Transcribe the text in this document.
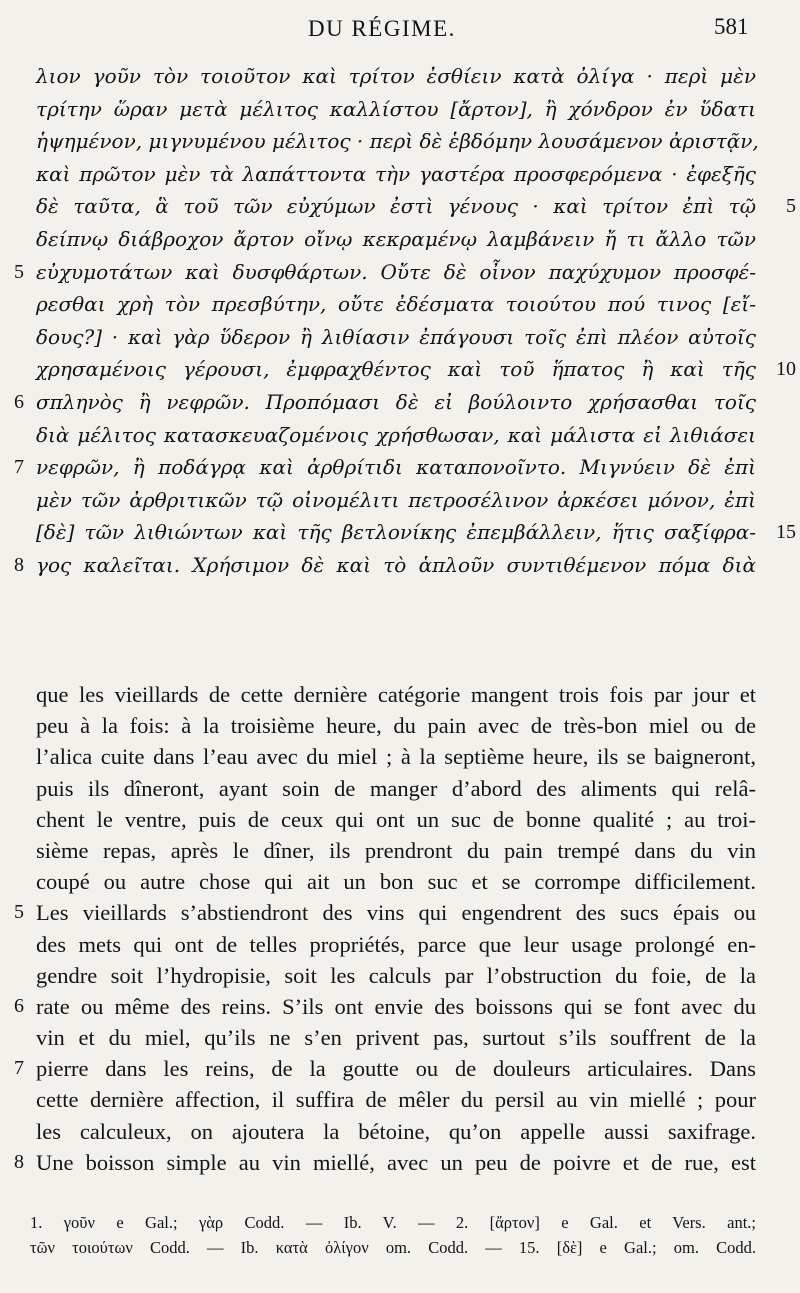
DU RÉGIME.	581
λιον γοῦν τὸν τοιοῦτον καὶ τρίτον ἐσθίειν κατὰ ὀλίγα · περὶ μὲν
τρίτην ὥραν μετὰ μέλιτος καλλίστου [ἄρτον], ἢ χόνδρον ἐν ὕδατι
ἡψημένον, μιγνυμένου μέλιτος · περὶ δὲ ἑβδόμην λουσάμενον ἀριστᾷν,
καὶ πρῶτον μὲν τὰ λαπάττοντα τὴν γαστέρα προσφερόμενα · ἐφεξῆς
δὲ ταῦτα, ἃ τοῦ τῶν εὐχύμων ἐστὶ γένους · καὶ τρίτον ἐπὶ τῷ 5
δείπνῳ διάβροχον ἄρτον οἴνῳ κεκραμένῳ λαμβάνειν ἤ τι ἄλλο τῶν
εὐχυμοτάτων καὶ δυσφθάρτων. Οὔτε δὲ οἶνον παχύχυμον προσφέ-
5
ρεσθαι χρὴ τὸν πρεσβύτην, οὔτε ἐδέσματα τοιούτου πού τινος [εἴ-
δους?] · καὶ γὰρ ὕδερον ἢ λιθίασιν ἐπάγουσι τοῖς ἐπὶ πλέον αὐτοῖς
χρησαμένοις γέρουσι, ἐμφραχθέντος καὶ τοῦ ἥπατος ἢ καὶ τῆς 10
σπληνὸς ἢ νεφρῶν. Προπόμασι δὲ εἰ βούλοιντο χρήσασθαι τοῖς
6
διὰ μέλιτος κατασκευαζομένοις χρήσθωσαν, καὶ μάλιστα εἰ λιθιάσει
νεφρῶν, ἢ ποδάγρᾳ καὶ ἀρθρίτιδι καταπονοῖντο. Μιγνύειν δὲ ἐπὶ
7
μὲν τῶν ἀρθριτικῶν τῷ οἰνομέλιτι πετροσέλινον ἀρκέσει μόνον, ἐπὶ
[δὲ] τῶν λιθιώντων καὶ τῆς βετλονίκης ἐπεμβάλλειν, ἥτις σαξίφρα- 15
γος καλεῖται. Χρήσιμον δὲ καὶ τὸ ἁπλοῦν συντιθέμενον πόμα διὰ
8
que les vieillards de cette dernière catégorie mangent trois fois par jour et
peu à la fois: à la troisième heure, du pain avec de très-bon miel ou de
l’alica cuite dans l’eau avec du miel ; à la septième heure, ils se baigneront,
puis ils dîneront, ayant soin de manger d’abord des aliments qui relâ-
chent le ventre, puis de ceux qui ont un suc de bonne qualité ; au troi-
sième repas, après le dîner, ils prendront du pain trempé dans du vin
coupé ou autre chose qui ait un bon suc et se corrompe difficilement.
Les vieillards s’abstiendront des vins qui engendrent des sucs épais ou
5
des mets qui ont de telles propriétés, parce que leur usage prolongé en-
gendre soit l’hydropisie, soit les calculs par l’obstruction du foie, de la
rate ou même des reins. S’ils ont envie des boissons qui se font avec du
6
vin et du miel, qu’ils ne s’en privent pas, surtout s’ils souffrent de la
pierre dans les reins, de la goutte ou de douleurs articulaires. Dans
7
cette dernière affection, il suffira de mêler du persil au vin miellé ; pour
les calculeux, on ajoutera la bétoine, qu’on appelle aussi saxifrage.
Une boisson simple au vin miellé, avec un peu de poivre et de rue, est
8
1. γοῦν e Gal.; γὰρ Codd. — Ib. V. — 2. [ἄρτον] e Gal. et Vers. ant.;
τῶν τοιούτων Codd. — Ib. κατὰ ὀλίγον om. Codd. — 15. [δὲ] e Gal.; om. Codd.
